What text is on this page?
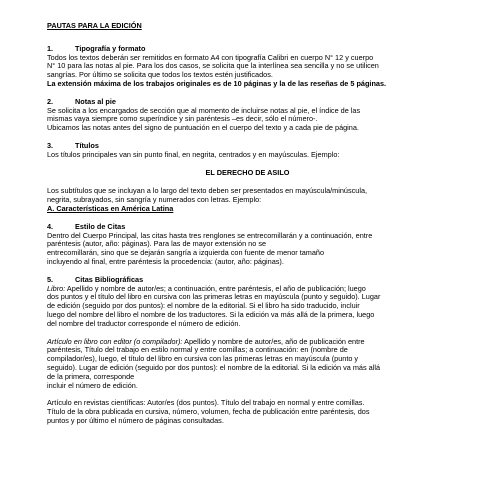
PAUTAS PARA LA EDICIÓN

1.	Tipografía y formato

Todos los textos deberán ser remitidos en formato A4 con tipografía Calibri en cuerpo N° 12 y cuerpo

N° 10 para las notas al pie. Para los dos casos, se solicita que la interlínea sea sencilla y no se utilicen

sangrías. Por último se solicita que todos los textos estén justificados.

La extensión máxima de los trabajos originales es de 10 páginas y la de las reseñas de 5 páginas.

2.	Notas al pie

Se solicita a los encargados de sección que al momento de incluirse notas al pie, el índice de las

mismas vaya siempre como superíndice y sin paréntesis –es decir, sólo el número-.

Ubicamos las notas antes del signo de puntuación en el cuerpo del texto y a cada pie de página.

3.	Títulos

Los títulos principales van sin punto final, en negrita, centrados y en mayúsculas. Ejemplo:

EL DERECHO DE ASILO

Los subtítulos que se incluyan a lo largo del texto deben ser presentados en mayúscula/minúscula,

negrita, subrayados, sin sangría y numerados con letras. Ejemplo:

A. Características en América Latina

4.	Estilo de Citas

Dentro del Cuerpo Principal, las citas hasta tres renglones se entrecomillarán y a continuación, entre

paréntesis (autor, año: páginas). Para las de mayor extensión no se

entrecomillarán, sino que se dejarán sangría a izquierda con fuente de menor tamaño

incluyendo al final, entre paréntesis la procedencia: (autor, año: páginas).

5.	Citas Bibliográficas

Libro: Apellido y nombre de autor/es; a continuación, entre paréntesis, el año de publicación; luego

dos puntos y el título del libro en cursiva con las primeras letras en mayúscula (punto y seguido). Lugar

de edición (seguido por dos puntos): el nombre de la editorial. Si el libro ha sido traducido, incluir

luego del nombre del libro el nombre de los traductores. Si la edición va más allá de la primera, luego

del nombre del traductor corresponde el número de edición.

Artículo en libro con editor (o compilador): Apellido y nombre de autor/es, año de publicación entre

paréntesis, Título del trabajo en estilo normal y entre comillas; a continuación: en (nombre de

compilador/es), luego, el título del libro en cursiva con las primeras letras en mayúscula (punto y

seguido). Lugar de edición (seguido por dos puntos): el nombre de la editorial. Si la edición va más allá

de la primera, corresponde

incluir el número de edición.

Artículo en revistas científicas: Autor/es (dos puntos). Título del trabajo en normal y entre comillas.

Título de la obra publicada en cursiva, número, volumen, fecha de publicación entre paréntesis, dos

puntos y por último el número de páginas consultadas.
